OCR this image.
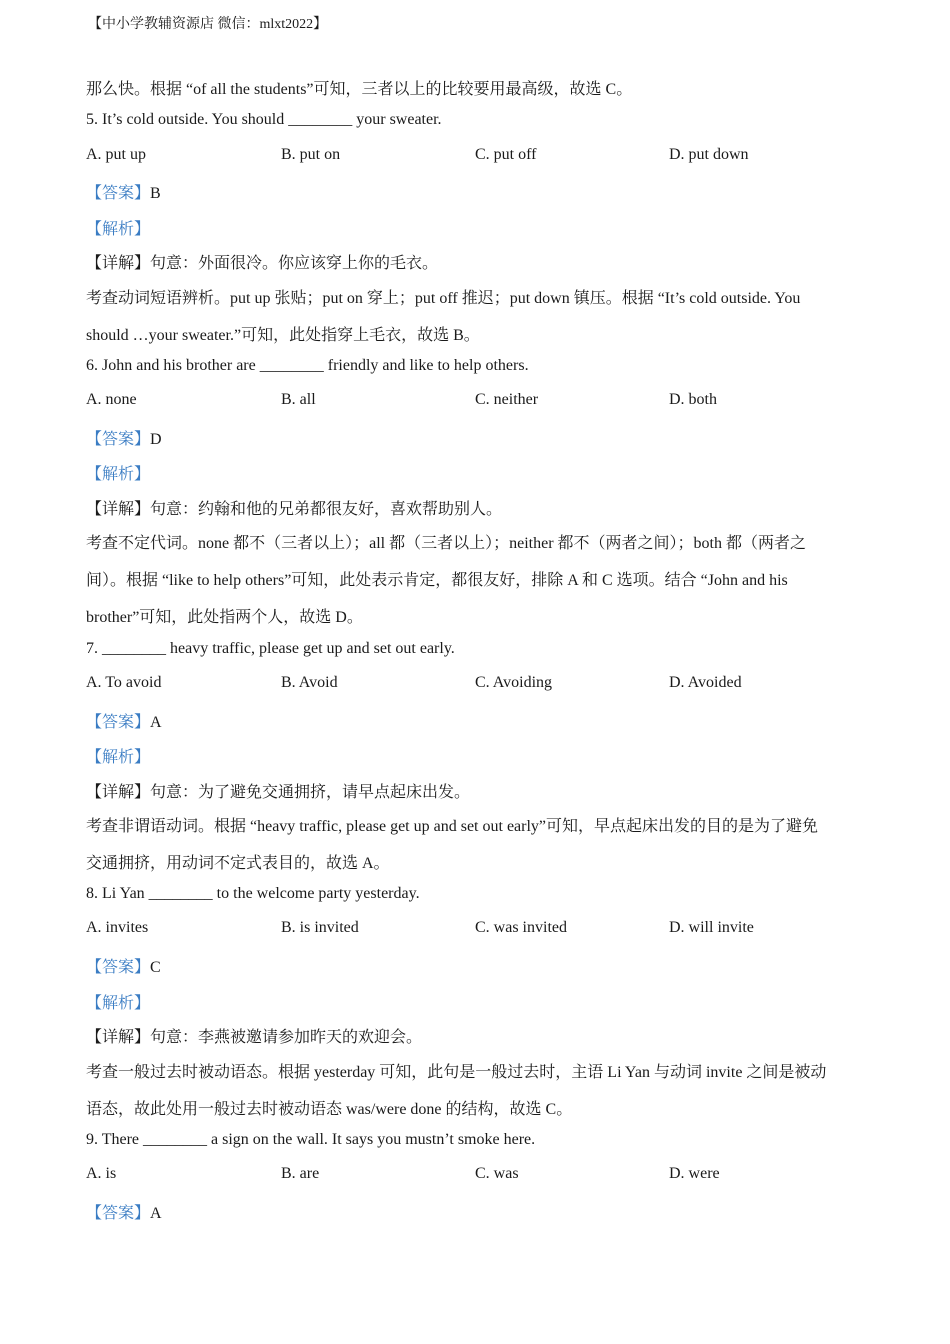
【中小学教辅资源店 微信：mlxt2022】
那么快。根据 “of all the students”可知，三者以上的比较要用最高级，故选 C。
5. It’s cold outside. You should ________ your sweater.
A. put up	B. put on	C. put off	D. put down
【答案】B
【解析】
【详解】句意：外面很冷。你应该穿上你的毛衣。
考查动词短语辨析。put up 张贴；put on 穿上；put off 推迟；put down 镇压。根据 “It’s cold outside. You
should …your sweater.”可知，此处指穿上毛衣，故选 B。
6. John and his brother are ________ friendly and like to help others.
A. none	B. all	C. neither	D. both
【答案】D
【解析】
【详解】句意：约翰和他的兄弟都很友好，喜欢帮助别人。
考查不定代词。none 都不（三者以上）；all 都（三者以上）；neither 都不（两者之间）；both 都（两者之
间）。根据 “like to help others”可知，此处表示肯定，都很友好，排除 A 和 C 选项。结合 “John and his
brother”可知，此处指两个人，故选 D。
7. ________ heavy traffic, please get up and set out early.
A. To avoid	B. Avoid	C. Avoiding	D. Avoided
【答案】A
【解析】
【详解】句意：为了避免交通拥挤，请早点起床出发。
考查非谓语动词。根据 “heavy traffic, please get up and set out early”可知，早点起床出发的目的是为了避免
交通拥挤，用动词不定式表目的，故选 A。
8. Li Yan ________ to the welcome party yesterday.
A. invites	B. is invited	C. was invited	D. will invite
【答案】C
【解析】
【详解】句意：李燕被邀请参加昨天的欢迎会。
考查一般过去时被动语态。根据 yesterday 可知，此句是一般过去时，主语 Li Yan 与动词 invite 之间是被动
语态，故此处用一般过去时被动语态 was/were done 的结构，故选 C。
9. There ________ a sign on the wall. It says you mustn’t smoke here.
A. is	B. are	C. was	D. were
【答案】A
